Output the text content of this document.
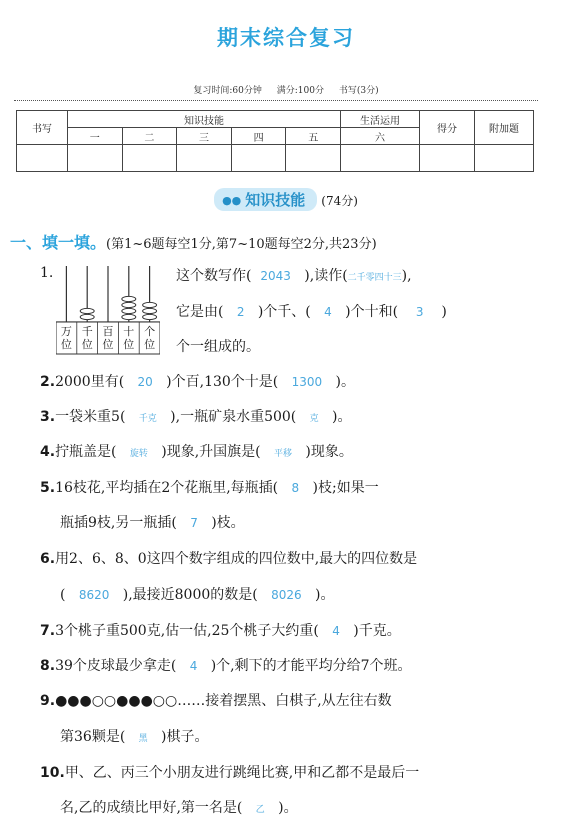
期末综合复习
复习时间:60分钟 满分:100分 书写(3分)
书写	知识技能					生活运用	得分	附加题
	一	二	三	四	五	六		

●● 知识技能 (74分)
一、填一填。(第1~6题每空1分,第7~10题每空2分,共23分)
万
位
千
位
百
位
十
位
个
位
1.	这个数写作( 2043 ),读作(二千零四十三),
它是由( 2 )个千、( 4 )个十和( 3 )
个一组成的。
2.2000里有( 20 )个百,130个十是( 1300 )。
3.一袋米重5( 千克 ),一瓶矿泉水重500( 克 )。
4.拧瓶盖是( 旋转 )现象,升国旗是( 平移 )现象。
5.16枝花,平均插在2个花瓶里,每瓶插( 8 )枝;如果一
瓶插9枝,另一瓶插( 7 )枝。
6.用2、6、8、0这四个数字组成的四位数中,最大的四位数是
( 8620 ),最接近8000的数是( 8026 )。
7.3个桃子重500克,估一估,25个桃子大约重( 4 )千克。
8.39个皮球最少拿走( 4 )个,剩下的才能平均分给7个班。
9.●●●○○●●●○○……接着摆黑、白棋子,从左往右数
第36颗是( 黑 )棋子。
10.甲、乙、丙三个小朋友进行跳绳比赛,甲和乙都不是最后一
名,乙的成绩比甲好,第一名是( 乙 )。
